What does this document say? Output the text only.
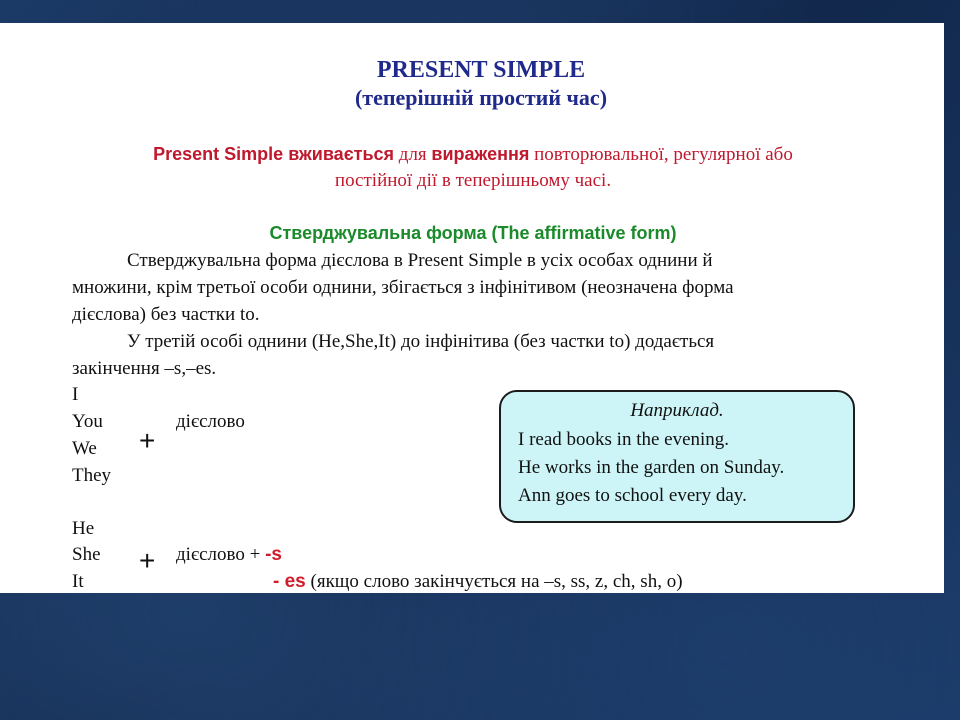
PRESENT SIMPLE
(теперішній простий час)
Present Simple вживається для вираження повторювальної, регулярної або
постійної дії в теперішньому часі.
Стверджувальна форма (The affirmative form)
Стверджувальна форма дієслова в Present Simple в усіх особах однини й
множини, крім третьої особи однини, збігається з інфінітивом (неозначена форма
дієслова) без частки to.
У третій особі однини (He,She,It) до інфінітива (без частки to) додається
закінчення –s,–es.
I
You
We
They
+
дієслово
He
She
It
+ дієслово + -s
- es (якщо слово закінчується на –s, ss, z, ch, sh, o)
Наприклад.
I read books in the evening.
He works in the garden on Sunday.
Ann goes to school every day.
